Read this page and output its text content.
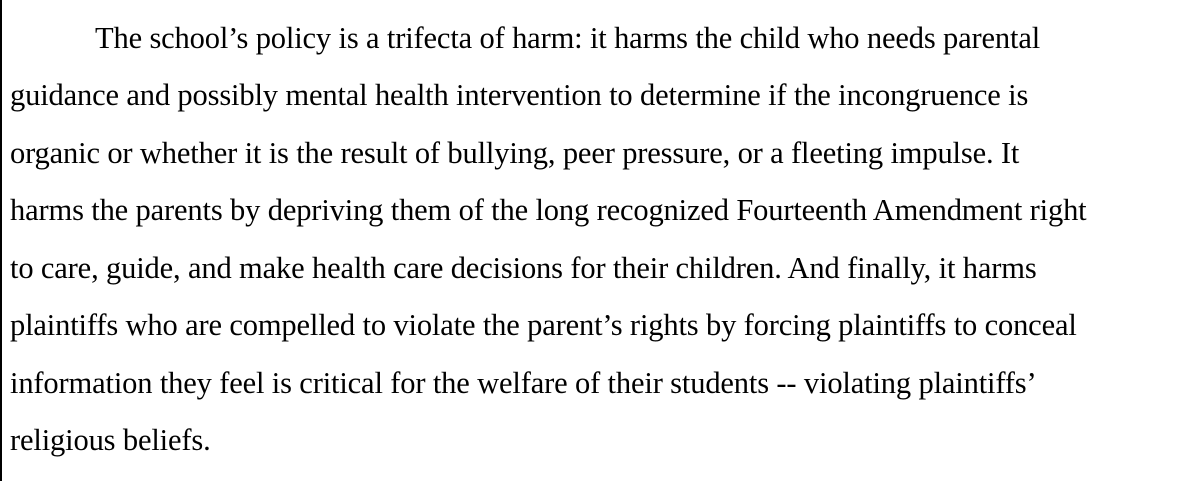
The school’s policy is a trifecta of harm: it harms the child who needs parental
guidance and possibly mental health intervention to determine if the incongruence is
organic or whether it is the result of bullying, peer pressure, or a fleeting impulse. It
harms the parents by depriving them of the long recognized Fourteenth Amendment right
to care, guide, and make health care decisions for their children. And finally, it harms
plaintiffs who are compelled to violate the parent’s rights by forcing plaintiffs to conceal
information they feel is critical for the welfare of their students -- violating plaintiffs’
religious beliefs.
